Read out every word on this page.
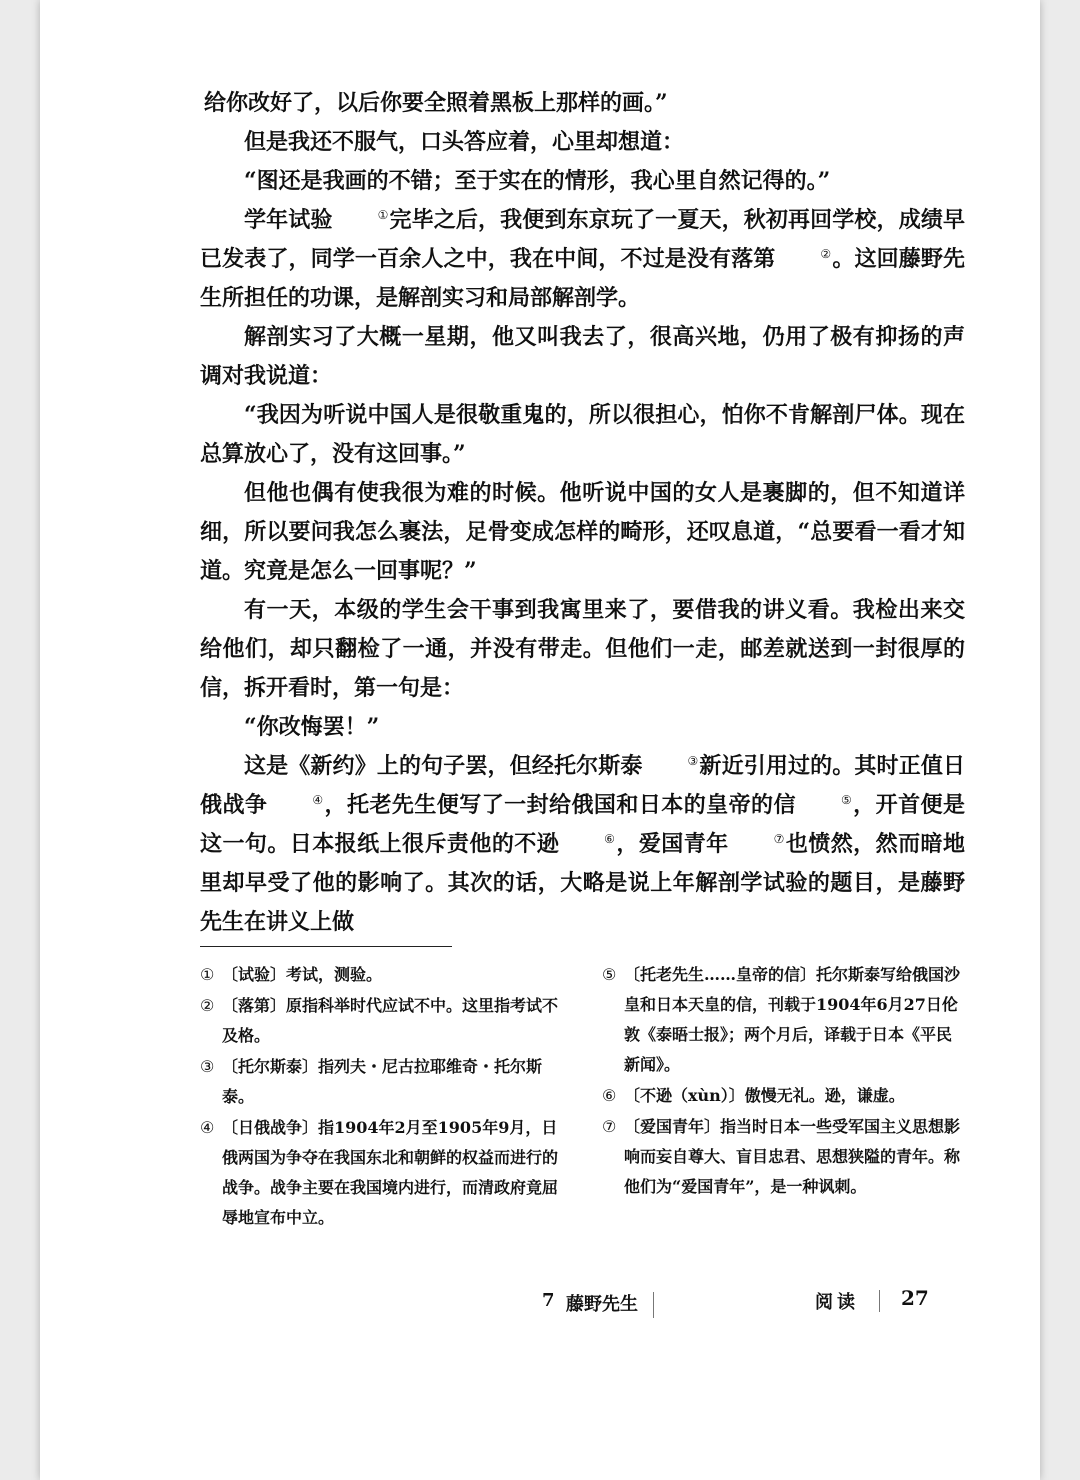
给你改好了，以后你要全照着黑板上那样的画。”

但是我还不服气，口头答应着，心里却想道：

“图还是我画的不错；至于实在的情形，我心里自然记得的。”

学年试验	①完毕之后，我便到东京玩了一夏天，秋初再回学校，成绩早已发表了，同学一百余人之中，我在中间，不过是没有落第	②。这回藤野先生所担任的功课，是解剖实习和局部解剖学。

解剖实习了大概一星期，他又叫我去了，很高兴地，仍用了极有抑扬的声调对我说道：

“我因为听说中国人是很敬重鬼的，所以很担心，怕你不肯解剖尸体。现在总算放心了，没有这回事。”

但他也偶有使我很为难的时候。他听说中国的女人是裹脚的，但不知道详细，所以要问我怎么裹法，足骨变成怎样的畸形，还叹息道，“总要看一看才知道。究竟是怎么一回事呢？”

有一天，本级的学生会干事到我寓里来了，要借我的讲义看。我检出来交给他们，却只翻检了一通，并没有带走。但他们一走，邮差就送到一封很厚的信，拆开看时，第一句是：

“你改悔罢！”

这是《新约》上的句子罢，但经托尔斯泰	③新近引用过的。其时正值日俄战争	④，托老先生便写了一封给俄国和日本的皇帝的信	⑤，开首便是这一句。日本报纸上很斥责他的不逊	⑥，爱国青年	⑦也愤然，然而暗地里却早受了他的影响了。其次的话，大略是说上年解剖学试验的题目，是藤野先生在讲义上做

① 〔试验〕考试，测验。

② 〔落第〕原指科举时代应试不中。这里指考试不及格。

③ 〔托尔斯泰〕指列夫・尼古拉耶维奇・托尔斯泰。

④ 〔日俄战争〕指1904年2月至1905年9月，日俄两国为争夺在我国东北和朝鲜的权益而进行的战争。战争主要在我国境内进行，而清政府竟屈辱地宣布中立。

⑤ 〔托老先生……皇帝的信〕托尔斯泰写给俄国沙皇和日本天皇的信，刊载于1904年6月27日伦敦《泰晤士报》；两个月后，译载于日本《平民新闻》。

⑥ 〔不逊（xùn）〕傲慢无礼。逊，谦虚。

⑦ 〔爱国青年〕指当时日本一些受军国主义思想影响而妄自尊大、盲目忠君、思想狭隘的青年。称他们为“爱国青年”，是一种讽刺。

7 藤野先生	阅读 27
